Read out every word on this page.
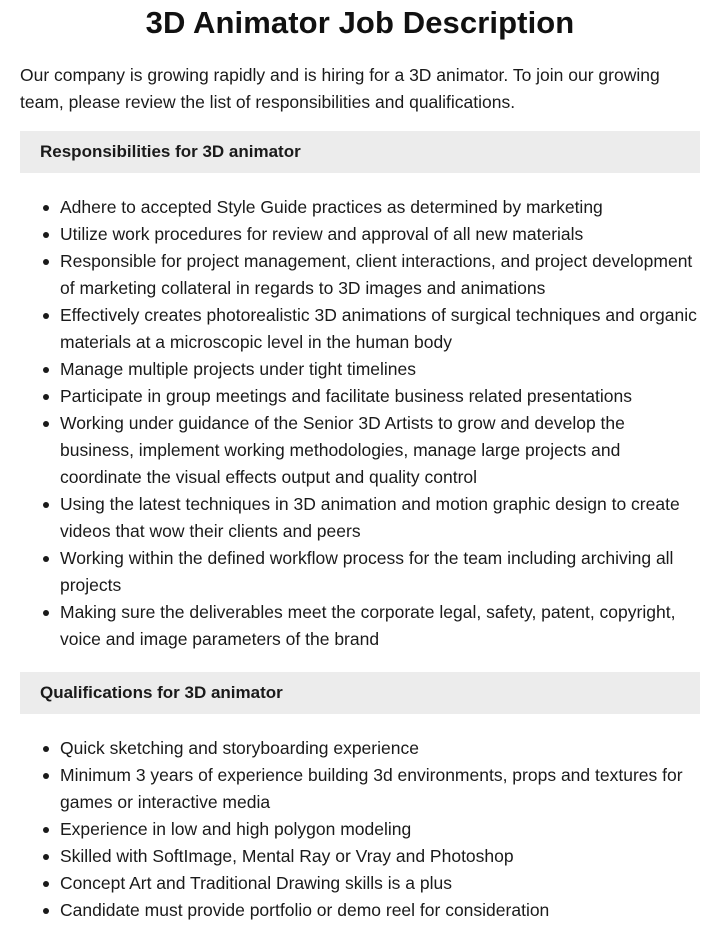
3D Animator Job Description

Our company is growing rapidly and is hiring for a 3D animator. To join our growing team, please review the list of responsibilities and qualifications.

Responsibilities for 3D animator
Adhere to accepted Style Guide practices as determined by marketing
Utilize work procedures for review and approval of all new materials
Responsible for project management, client interactions, and project development of marketing collateral in regards to 3D images and animations
Effectively creates photorealistic 3D animations of surgical techniques and organic materials at a microscopic level in the human body
Manage multiple projects under tight timelines
Participate in group meetings and facilitate business related presentations
Working under guidance of the Senior 3D Artists to grow and develop the business, implement working methodologies, manage large projects and coordinate the visual effects output and quality control
Using the latest techniques in 3D animation and motion graphic design to create videos that wow their clients and peers
Working within the defined workflow process for the team including archiving all projects
Making sure the deliverables meet the corporate legal, safety, patent, copyright, voice and image parameters of the brand
Qualifications for 3D animator
Quick sketching and storyboarding experience
Minimum 3 years of experience building 3d environments, props and textures for games or interactive media
Experience in low and high polygon modeling
Skilled with SoftImage, Mental Ray or Vray and Photoshop
Concept Art and Traditional Drawing skills is a plus
Candidate must provide portfolio or demo reel for consideration
